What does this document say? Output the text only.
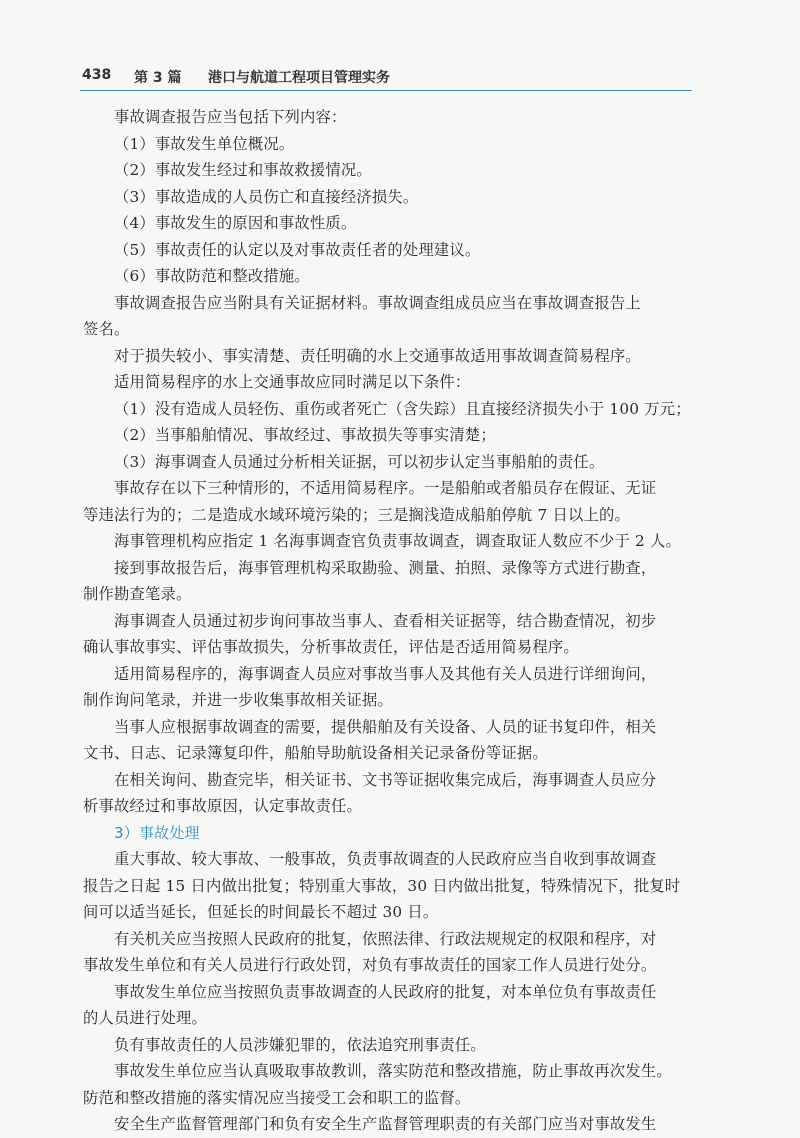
438 第 3 篇 港口与航道工程项目管理实务
事故调查报告应当包括下列内容：
（1）事故发生单位概况。
（2）事故发生经过和事故救援情况。
（3）事故造成的人员伤亡和直接经济损失。
（4）事故发生的原因和事故性质。
（5）事故责任的认定以及对事故责任者的处理建议。
（6）事故防范和整改措施。
事故调查报告应当附具有关证据材料。事故调查组成员应当在事故调查报告上
签名。
对于损失较小、事实清楚、责任明确的水上交通事故适用事故调查简易程序。
适用简易程序的水上交通事故应同时满足以下条件：
（1）没有造成人员轻伤、重伤或者死亡（含失踪）且直接经济损失小于 100 万元；
（2）当事船舶情况、事故经过、事故损失等事实清楚；
（3）海事调查人员通过分析相关证据，可以初步认定当事船舶的责任。
事故存在以下三种情形的，不适用简易程序。一是船舶或者船员存在假证、无证
等违法行为的；二是造成水域环境污染的；三是搁浅造成船舶停航 7 日以上的。
海事管理机构应指定 1 名海事调查官负责事故调查，调查取证人数应不少于 2 人。
接到事故报告后，海事管理机构采取勘验、测量、拍照、录像等方式进行勘查，
制作勘查笔录。
海事调查人员通过初步询问事故当事人、查看相关证据等，结合勘查情况，初步
确认事故事实、评估事故损失，分析事故责任，评估是否适用简易程序。
适用简易程序的，海事调查人员应对事故当事人及其他有关人员进行详细询问，
制作询问笔录，并进一步收集事故相关证据。
当事人应根据事故调查的需要，提供船舶及有关设备、人员的证书复印件，相关
文书、日志、记录簿复印件，船舶导助航设备相关记录备份等证据。
在相关询问、勘查完毕，相关证书、文书等证据收集完成后，海事调查人员应分
析事故经过和事故原因，认定事故责任。
3）事故处理
重大事故、较大事故、一般事故，负责事故调查的人民政府应当自收到事故调查
报告之日起 15 日内做出批复；特别重大事故，30 日内做出批复，特殊情况下，批复时
间可以适当延长，但延长的时间最长不超过 30 日。
有关机关应当按照人民政府的批复，依照法律、行政法规规定的权限和程序，对
事故发生单位和有关人员进行行政处罚，对负有事故责任的国家工作人员进行处分。
事故发生单位应当按照负责事故调查的人民政府的批复，对本单位负有事故责任
的人员进行处理。
负有事故责任的人员涉嫌犯罪的，依法追究刑事责任。
事故发生单位应当认真吸取事故教训，落实防范和整改措施，防止事故再次发生。
防范和整改措施的落实情况应当接受工会和职工的监督。
安全生产监督管理部门和负有安全生产监督管理职责的有关部门应当对事故发生
